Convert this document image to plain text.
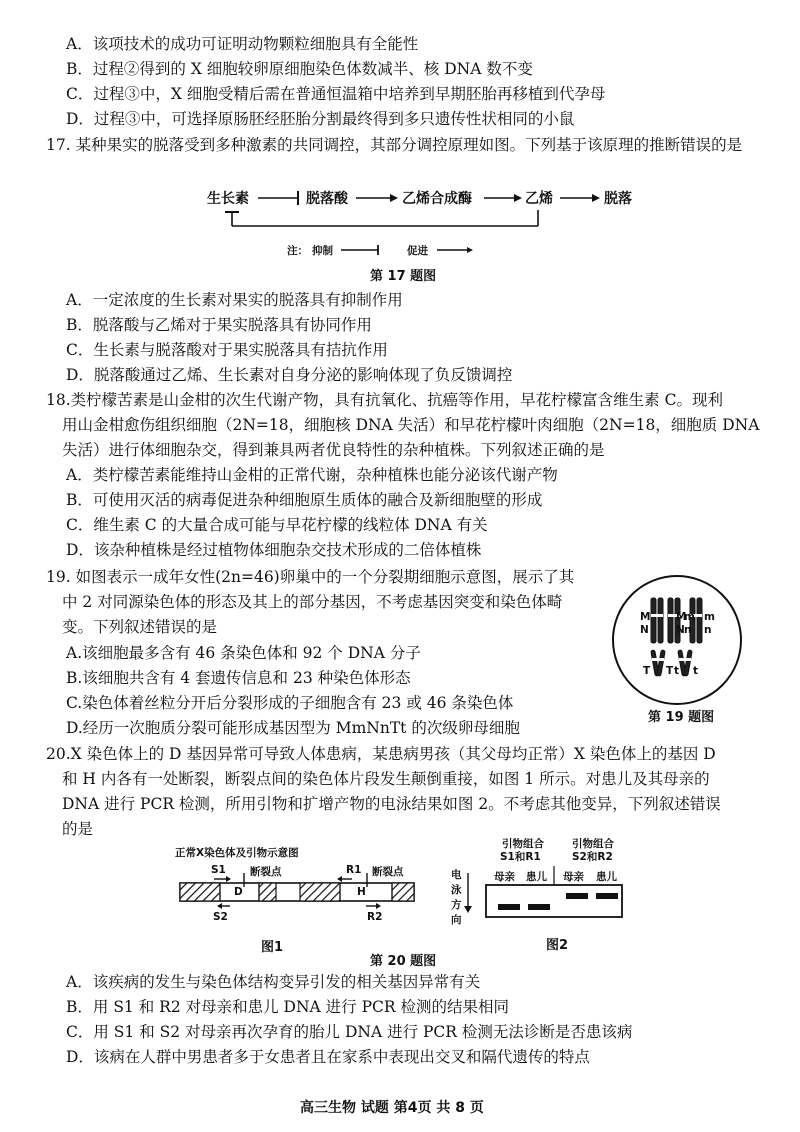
A．该项技术的成功可证明动物颗粒细胞具有全能性
B．过程②得到的 X 细胞较卵原细胞染色体数减半、核 DNA 数不变
C．过程③中，X 细胞受精后需在普通恒温箱中培养到早期胚胎再移植到代孕母
D．过程③中，可选择原肠胚经胚胎分割最终得到多只遗传性状相同的小鼠
17. 某种果实的脱落受到多种激素的共同调控，其部分调控原理如图。下列基于该原理的推断错误的是
生长素	脱落酸	乙烯合成酶	乙烯	脱落
注： 抑制	促进
第 17 题图
A．一定浓度的生长素对果实的脱落具有抑制作用
B．脱落酸与乙烯对于果实脱落具有协同作用
C．生长素与脱落酸对于果实脱落具有拮抗作用
D．脱落酸通过乙烯、生长素对自身分泌的影响体现了负反馈调控
18.类柠檬苦素是山金柑的次生代谢产物，具有抗氧化、抗癌等作用，早花柠檬富含维生素 C。现利
用山金柑愈伤组织细胞（2N=18，细胞核 DNA 失活）和早花柠檬叶肉细胞（2N=18，细胞质 DNA
失活）进行体细胞杂交，得到兼具两者优良特性的杂种植株。下列叙述正确的是
A．类柠檬苦素能维持山金柑的正常代谢，杂种植株也能分泌该代谢产物
B．可使用灭活的病毒促进杂种细胞原生质体的融合及新细胞壁的形成
C．维生素 C 的大量合成可能与早花柠檬的线粒体 DNA 有关
D．该杂种植株是经过植物体细胞杂交技术形成的二倍体植株
19. 如图表示一成年女性(2n=46)卵巢中的一个分裂期细胞示意图，展示了其
中 2 对同源染色体的形态及其上的部分基因，不考虑基因突变和染色体畸
变。下列叙述错误的是
A.该细胞最多含有 46 条染色体和 92 个 DNA 分子
B.该细胞共含有 4 套遗传信息和 23 种染色体形态
C.染色体着丝粒分开后分裂形成的子细胞含有 23 或 46 条染色体
D.经历一次胞质分裂可能形成基因型为 MmNnTt 的次级卵母细胞
M
N
M
N
m
n
m
n
T T t t
第 19 题图
20.X 染色体上的 D 基因异常可导致人体患病，某患病男孩（其父母均正常）X 染色体上的基因 D
和 H 内各有一处断裂，断裂点间的染色体片段发生颠倒重接，如图 1 所示。对患儿及其母亲的
DNA 进行 PCR 检测，所用引物和扩增产物的电泳结果如图 2。不考虑其他变异，下列叙述错误
的是
正常X染色体及引物示意图
S1
S2
R1
R2
D	H
断裂点	断裂点
图1
引物组合
S1和R1
引物组合
S2和R2
母亲 患儿 母亲 患儿
电
泳
方
向
图2
第 20 题图
A．该疾病的发生与染色体结构变异引发的相关基因异常有关
B．用 S1 和 R2 对母亲和患儿 DNA 进行 PCR 检测的结果相同
C．用 S1 和 S2 对母亲再次孕育的胎儿 DNA 进行 PCR 检测无法诊断是否患该病
D．该病在人群中男患者多于女患者且在家系中表现出交叉和隔代遗传的特点
高三生物 试题 第4页 共 8 页
